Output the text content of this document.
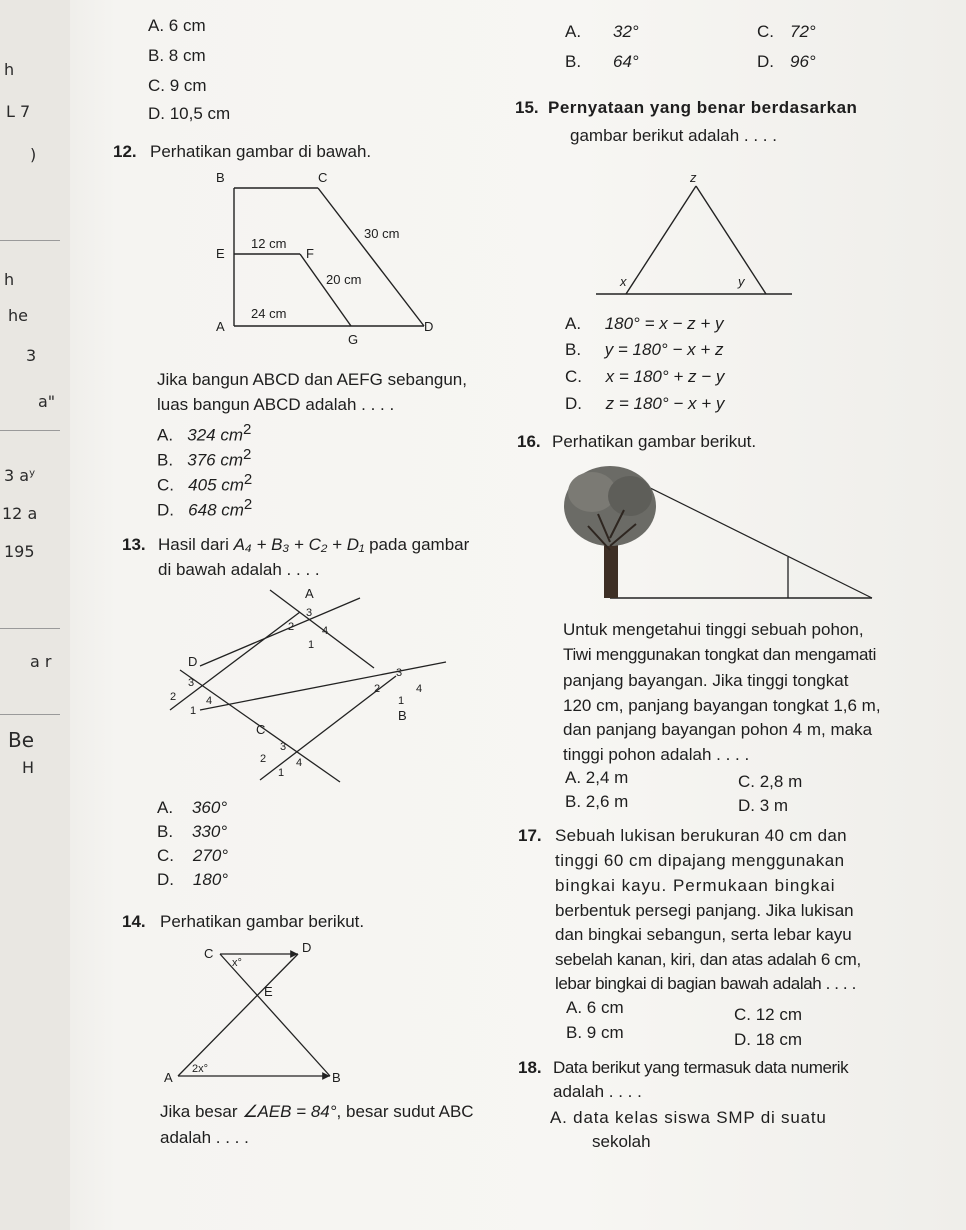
h
L 7
)
h
he
3
a"
3 aʸ
12 a
195
a r
Be
H
A. 6 cm
B. 8 cm
C. 9 cm
D. 10,5 cm
A. 32°	C. 72°
B. 64°	D. 96°
12. Perhatikan gambar di bawah.
B	C
E	F
A
G
D
12 cm
30 cm
20 cm
24 cm
Jika bangun ABCD dan AEFG sebangun,
luas bangun ABCD adalah . . . .
A. 324 $cm^2$
B. 376 $cm^2$
C. 405 $cm^2$
D. 648 $cm^2$
13. Hasil dari A₄ + B₃ + C₂ + D₁ pada gambar
di bawah adalah . . . .
A
2
3
4
1
D
2
3
4
1	B
2
3
4
1
C
2
3
4
1
A. 360°
B. 330°
C. 270°
D. 180°
14. Perhatikan gambar berikut.
C	D
E
A	B
x°
2x°
Jika besar ∠AEB = 84°, besar sudut ABC
adalah . . . .
15. Pernyataan yang benar berdasarkan
gambar berikut adalah . . . .
z
x	y
A. 180° = x − z + y
B. y = 180° − x + z
C. x = 180° + z − y
D. z = 180° − x + y
16. Perhatikan gambar berikut.
Untuk mengetahui tinggi sebuah pohon,
Tiwi menggunakan tongkat dan mengamati
panjang bayangan. Jika tinggi tongkat
120 cm, panjang bayangan tongkat 1,6 m,
dan panjang bayangan pohon 4 m, maka
tinggi pohon adalah . . . .
A. 2,4 m	C. 2,8 m
B. 2,6 m	D. 3 m
17. Sebuah lukisan berukuran 40 cm dan
tinggi 60 cm dipajang menggunakan
bingkai kayu. Permukaan bingkai
berbentuk persegi panjang. Jika lukisan
dan bingkai sebangun, serta lebar kayu
sebelah kanan, kiri, dan atas adalah 6 cm,
lebar bingkai di bagian bawah adalah . . . .
A. 6 cm	C. 12 cm
B. 9 cm	D. 18 cm
18. Data berikut yang termasuk data numerik
adalah . . . .
A. data kelas siswa SMP di suatu
sekolah
